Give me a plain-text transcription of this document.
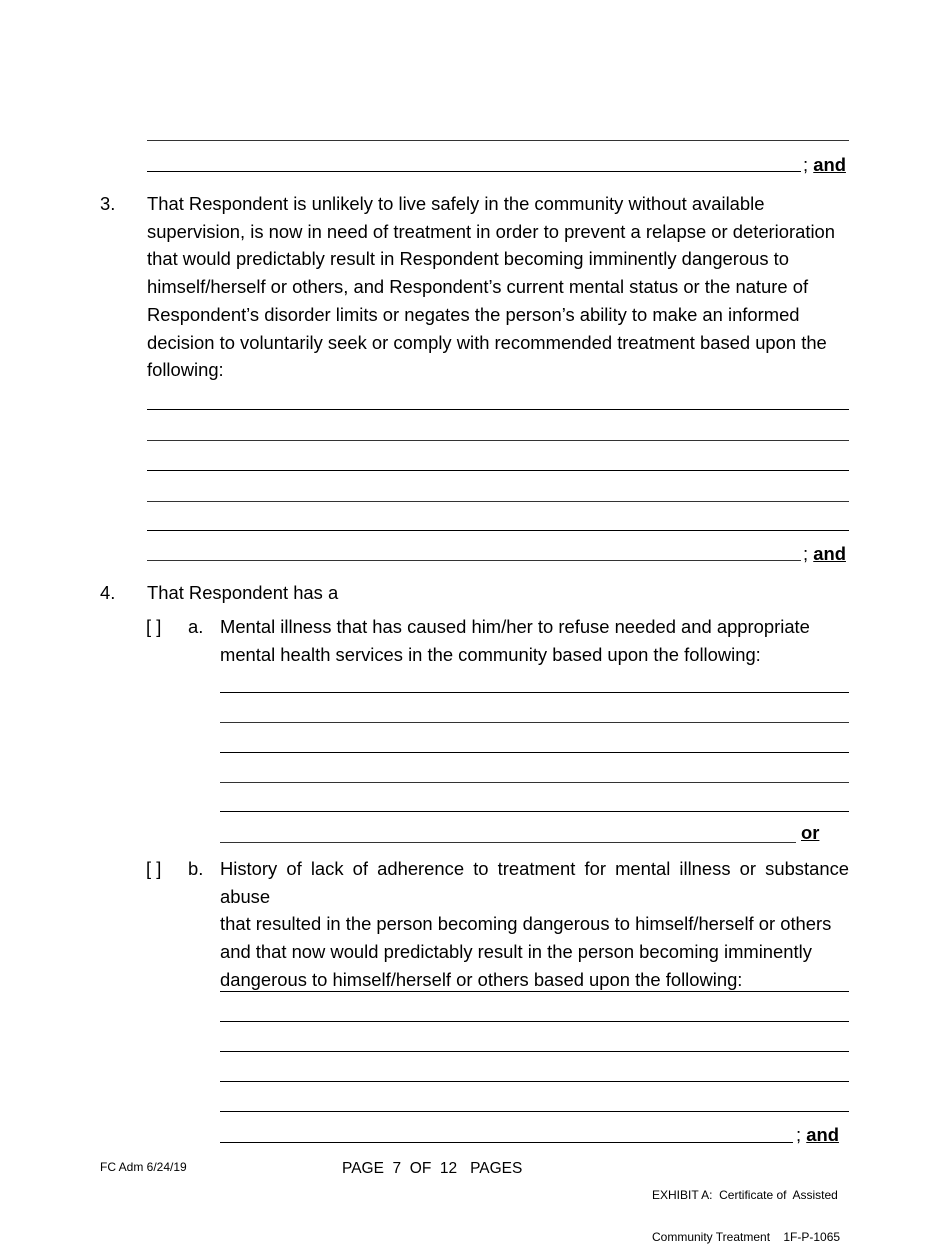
; and
3. That Respondent is unlikely to live safely in the community without available
supervision, is now in need of treatment in order to prevent a relapse or deterioration
that would predictably result in Respondent becoming imminently dangerous to
himself/herself or others, and Respondent’s current mental status or the nature of
Respondent’s disorder limits or negates the person’s ability to make an informed
decision to voluntarily seek or comply with recommended treatment based upon the
following:
; and
4. That Respondent has a
[ ] a. Mental illness that has caused him/her to refuse needed and appropriate
mental health services in the community based upon the following:
or
[ ] b. History of lack of adherence to treatment for mental illness or substance abuse
that resulted in the person becoming dangerous to himself/herself or others
and that now would predictably result in the person becoming imminently
dangerous to himself/herself or others based upon the following:
; and
FC Adm 6/24/19	PAGE  7  OF  12   PAGES

EXHIBIT A:  Certificate of  Assisted

Community Treatment    1F-P-1065
